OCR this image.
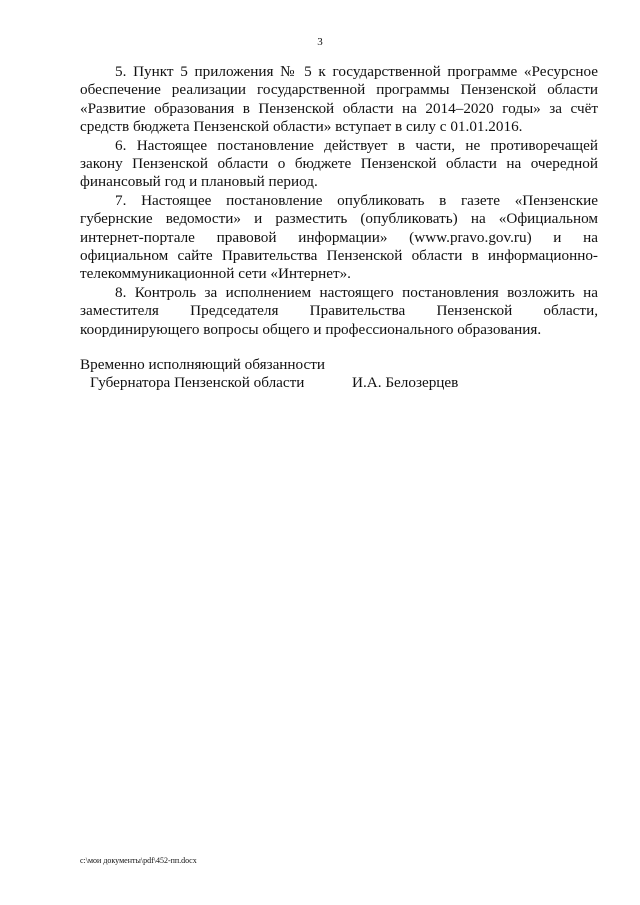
3

5. Пункт 5 приложения № 5 к государственной программе «Ресурсное обеспечение реализации государственной программы Пензенской области «Развитие образования в Пензенской области на 2014–2020 годы» за счёт средств бюджета Пензенской области» вступает в силу с 01.01.2016.

6. Настоящее постановление действует в части, не противоречащей закону Пензенской области о бюджете Пензенской области на очередной финансовый год и плановый период.

7. Настоящее постановление опубликовать в газете «Пензенские губернские ведомости» и разместить (опубликовать) на «Официальном интернет-портале правовой информации» (www.pravo.gov.ru) и на официальном сайте Правительства Пензенской области в информационно-телекоммуникационной сети «Интернет».

8. Контроль за исполнением настоящего постановления возложить на заместителя Председателя Правительства Пензенской области, координирующего вопросы общего и профессионального образования.

Временно исполняющий обязанности
Губернатора Пензенской области	И.А. Белозерцев
c:\мои документы\pdf\452-пп.docx
